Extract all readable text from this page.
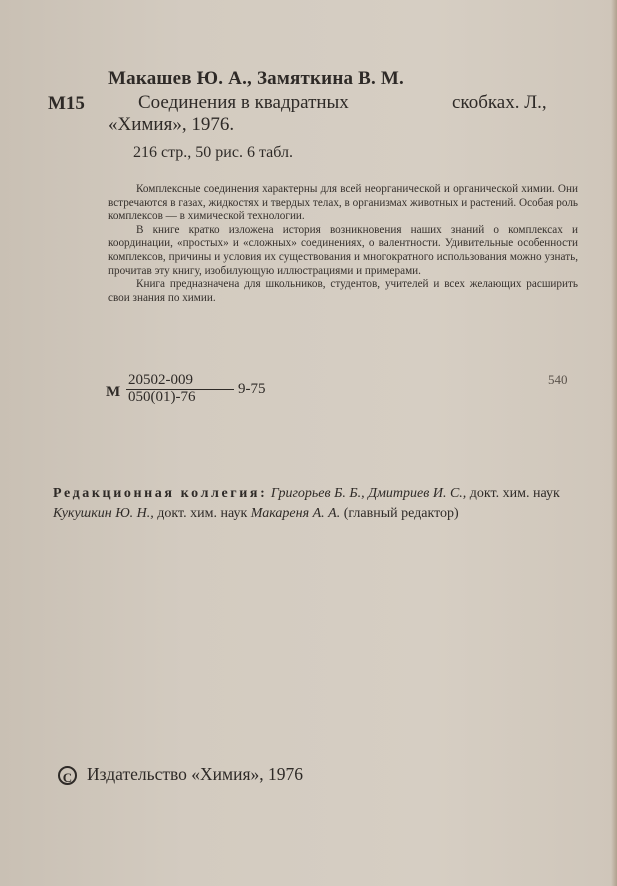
Макашев Ю. А., Замяткина В. М.
M15	Соединения в квадратных	скобках. Л.,
«Химия», 1976.
216 стр., 50 рис. 6 табл.

Комплексные соединения характерны для всей неорганической и органической химии. Они встречаются в газах, жидкостях и твердых телах, в организмах животных и растений. Особая роль комплексов — в химической технологии.

В книге кратко изложена история возникновения наших знаний о комплексах и координации, «простых» и «сложных» соединениях, о валентности. Удивительные особенности комплексов, причины и условия их существования и многократного использования можно узнать, прочитав эту книгу, изобилующую иллюстрациями и примерами.

Книга предназначена для школьников, студентов, учителей и всех желающих расширить свои знания по химии.

M
20502-009
050(01)-76	9-75
540
Редакционная коллегия: Григорьев Б. Б., Дмитриев И. С., докт. хим. наук Кукушкин Ю. Н., докт. хим. наук Макареня А. А. (главный редактор)
C Издательство «Химия», 1976
